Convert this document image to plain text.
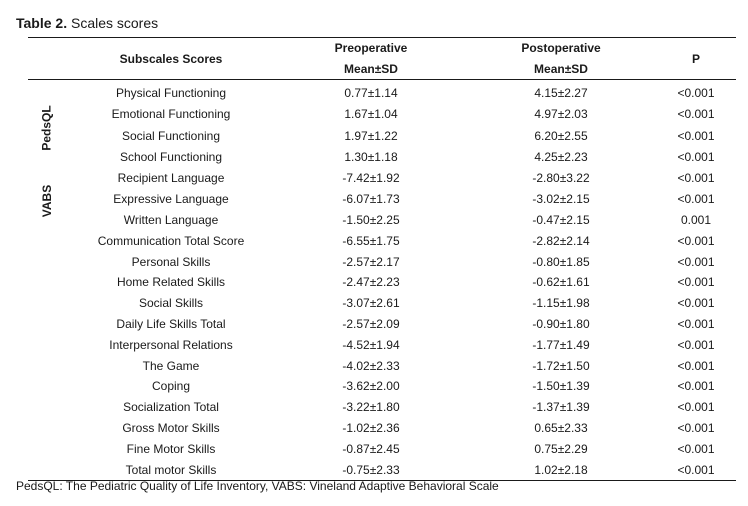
Table 2. Scales scores
	Subscales Scores	Preoperative	Postoperative	P
		Mean±SD	Mean±SD	

PedsQL	Physical Functioning	0.77±1.14	4.15±2.27	<0.001
	Emotional Functioning	1.67±1.04	4.97±2.03	<0.001
	Social Functioning	1.97±1.22	6.20±2.55	<0.001
	School Functioning	1.30±1.18	4.25±2.23	<0.001

VABS	Recipient Language	-7.42±1.92	-2.80±3.22	<0.001
	Expressive Language	-6.07±1.73	-3.02±2.15	<0.001
	Written Language	-1.50±2.25	-0.47±2.15	0.001
	Communication Total Score	-6.55±1.75	-2.82±2.14	<0.001
	Personal Skills	-2.57±2.17	-0.80±1.85	<0.001
	Home Related Skills	-2.47±2.23	-0.62±1.61	<0.001
	Social Skills	-3.07±2.61	-1.15±1.98	<0.001
	Daily Life Skills Total	-2.57±2.09	-0.90±1.80	<0.001
	Interpersonal Relations	-4.52±1.94	-1.77±1.49	<0.001
	The Game	-4.02±2.33	-1.72±1.50	<0.001
	Coping	-3.62±2.00	-1.50±1.39	<0.001
	Socialization Total	-3.22±1.80	-1.37±1.39	<0.001
	Gross Motor Skills	-1.02±2.36	0.65±2.33	<0.001
	Fine Motor Skills	-0.87±2.45	0.75±2.29	<0.001
	Total motor Skills	-0.75±2.33	1.02±2.18	<0.001
PedsQL: The Pediatric Quality of Life Inventory, VABS: Vineland Adaptive Behavioral Scale
